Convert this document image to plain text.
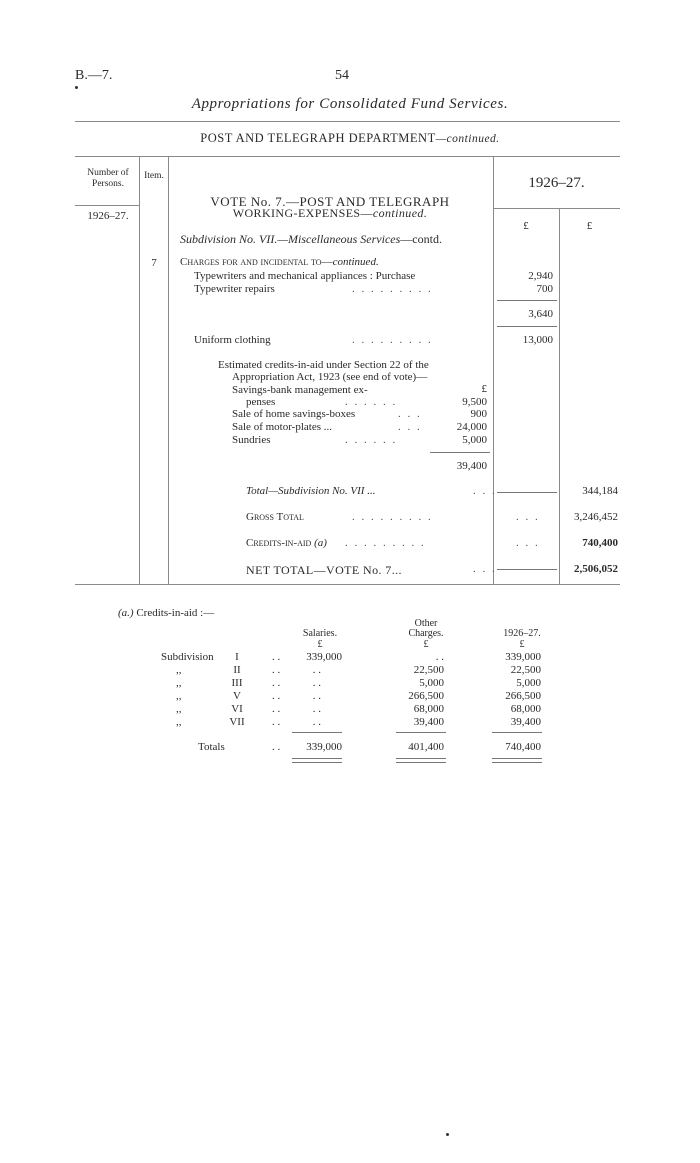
B.—7.	54
Appropriations for Consolidated Fund Services.
POST AND TELEGRAPH DEPARTMENT—continued.
Number of Persons.
Item.	1926–27.
1926–27.
VOTE No. 7.—POST AND TELEGRAPH
WORKING-EXPENSES—continued.
£	£
Subdivision No. VII.—Miscellaneous Services—contd.
7	Charges for and incidental to—continued.
Typewriters and mechanical appliances : Purchase	2,940
Typewriter repairs	. . . . . . . . .	700
3,640
Uniform clothing	. . . . . . . . .	13,000
Estimated credits-in-aid under Section 22 of the
Appropriation Act, 1923 (see end of vote)—
£
Savings-bank management ex-
penses	. . . . . .	9,500
Sale of home savings-boxes	. . .	900
Sale of motor-plates ...	. . .	24,000
Sundries	. . . . . .	5,000
39,400
Total—Subdivision No. VII ...	. . .	344,184
Gross Total	. . . . . . . . .	. . .	3,246,452
Credits-in-aid (a) . . . . . . . . .	. . .	740,400
NET TOTAL—VOTE No. 7...	. . .	2,506,052
(a.) Credits-in-aid :—
Salaries.
Other
Charges.	1926–27.
£	£	£
Subdivision	I	. .	339,000	. .	339,000
,,	II	. .	. .	22,500	22,500
,,	III	. .	. .	5,000	5,000
,,	V	. .	. .	266,500	266,500
,,	VI	. .	. .	68,000	68,000
,,	VII	. .	. .	39,400	39,400
Totals	. .	339,000	401,400	740,400
